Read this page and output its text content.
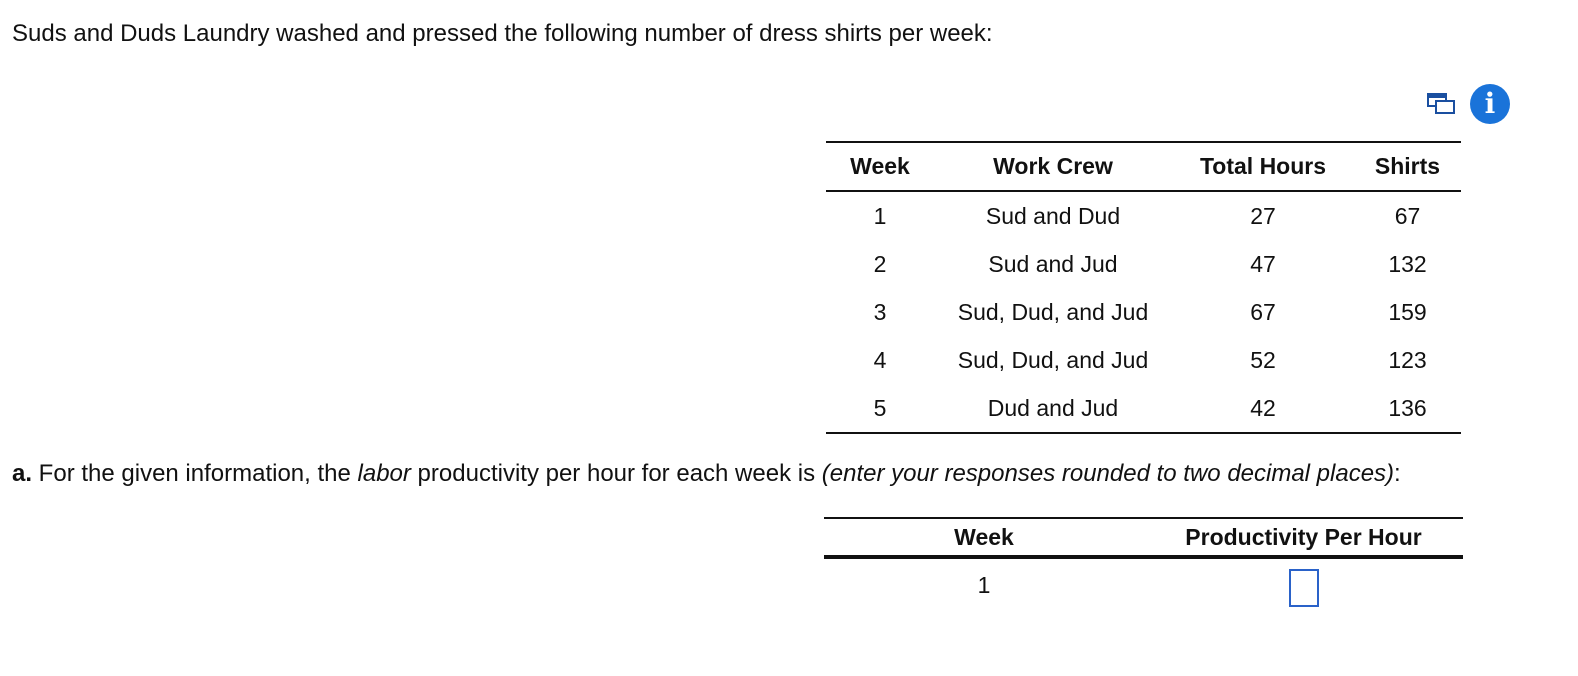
Suds and Duds Laundry washed and pressed the following number of dress shirts per week:

i
Week	Work Crew	Total Hours	Shirts
1	Sud and Dud	27	67
2	Sud and Jud	47	132
3	Sud, Dud, and Jud	67	159
4	Sud, Dud, and Jud	52	123
5	Dud and Jud	42	136

a. For the given information, the labor productivity per hour for each week is (enter your responses rounded to two decimal places):

Week	Productivity Per Hour
1	
